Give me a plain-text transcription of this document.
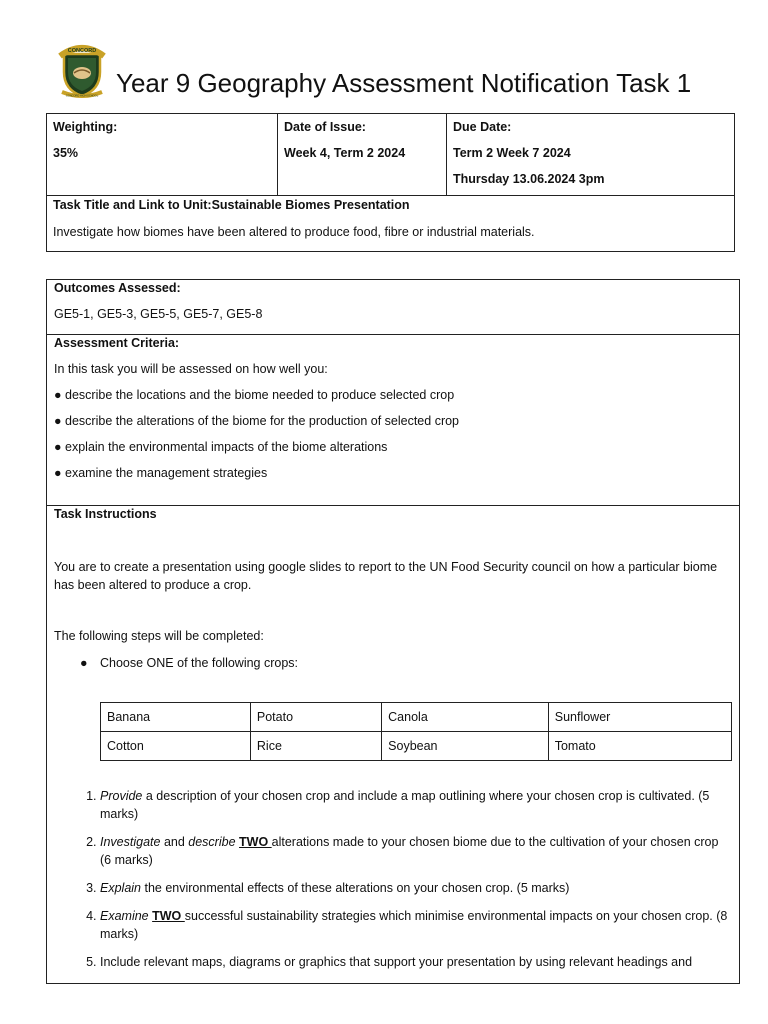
CONCORD
CONCORD HIGH SCHOOL Year 9 Geography Assessment Notification Task 1

Weighting:

35%

Date of Issue:

Week 4, Term 2 2024

Due Date:

Term 2 Week 7 2024

Thursday 13.06.2024 3pm

Task Title and Link to Unit:Sustainable Biomes Presentation

Investigate how biomes have been altered to produce food, fibre or industrial materials.

Outcomes Assessed:

GE5-1, GE5-3, GE5-5, GE5-7, GE5-8

Assessment Criteria:

In this task you will be assessed on how well you:

● describe the locations and the biome needed to produce selected crop

● describe the alterations of the biome for the production of selected crop

● explain the environmental impacts of the biome alterations

● examine the management strategies

Task Instructions

You are to create a presentation using google slides to report to the UN Food Security council on how a particular biome has been altered to produce a crop.

The following steps will be completed:

● Choose ONE of the following crops:

Banana	Potato	Canola	Sunflower
Cotton	Rice	Soybean	Tomato
1. Provide a description of your chosen crop and include a map outlining where your chosen crop is cultivated. (5 marks)
2. Investigate and describe TWO alterations made to your chosen biome due to the cultivation of your chosen crop (6 marks)
3. Explain the environmental effects of these alterations on your chosen crop. (5 marks)
4. Examine TWO successful sustainability strategies which minimise environmental impacts on your chosen crop. (8 marks)
5. Include relevant maps, diagrams or graphics that support your presentation by using relevant headings and
